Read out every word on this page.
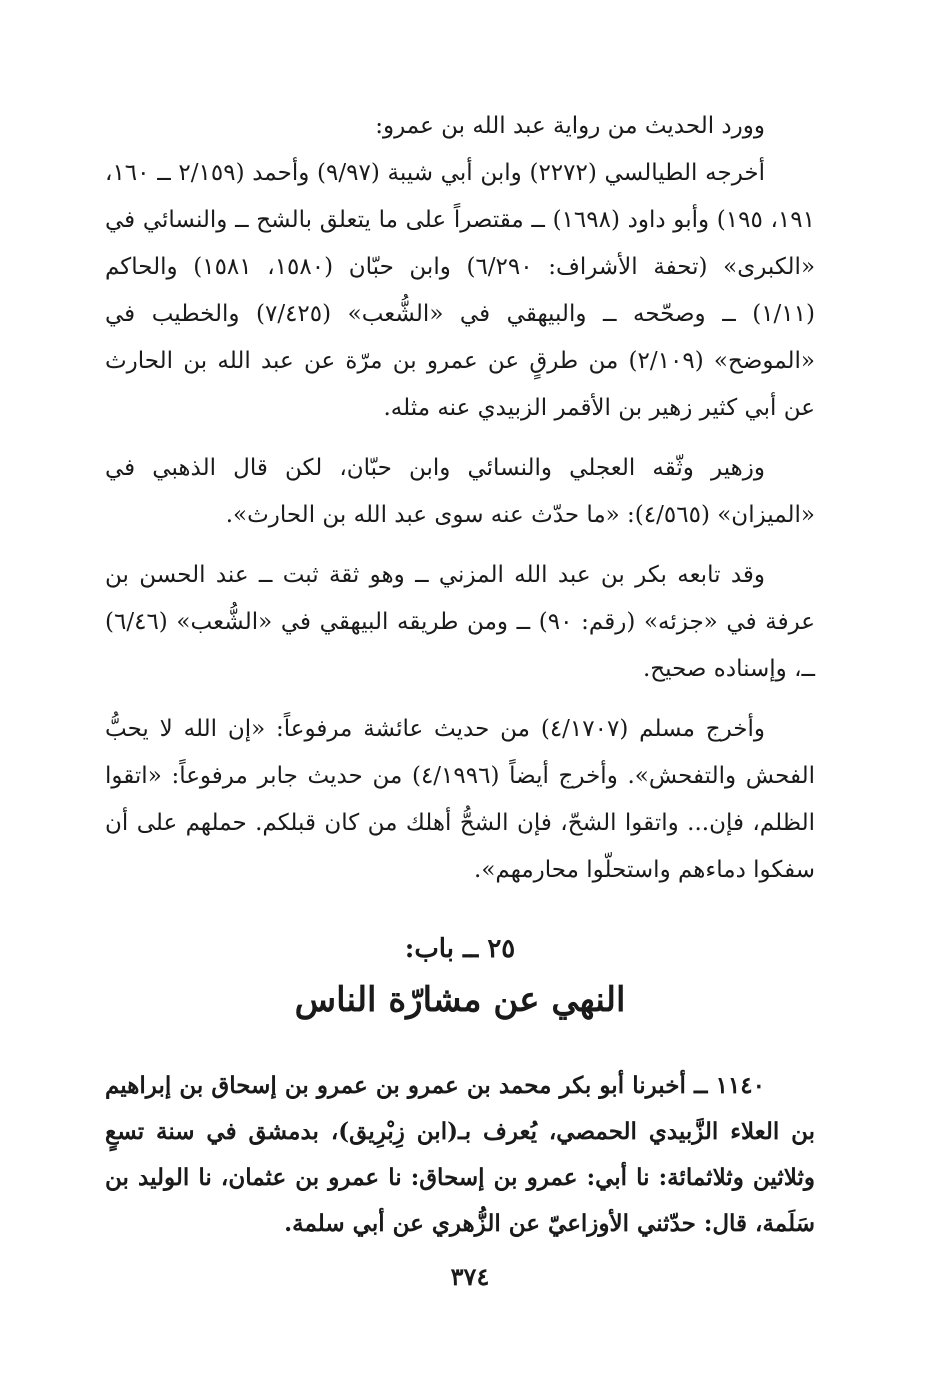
وورد الحديث من رواية عبد الله بن عمرو:

أخرجه الطيالسي (٢٢٧٢) وابن أبي شيبة (٩/٩٧) وأحمد (٢/١٥٩ ــ ١٦٠، ١٩١، ١٩٥) وأبو داود (١٦٩٨) ــ مقتصراً على ما يتعلق بالشح ــ والنسائي في «الكبرى» (تحفة الأشراف: ٦/٢٩٠) وابن حبّان (١٥٨٠، ١٥٨١) والحاكم (١/١١) ــ وصحّحه ــ والبيهقي في «الشُّعب» (٧/٤٢٥) والخطيب في «الموضح» (٢/١٠٩) من طرقٍ عن عمرو بن مرّة عن عبد الله بن الحارث عن أبي كثير زهير بن الأقمر الزبيدي عنه مثله.

وزهير وثّقه العجلي والنسائي وابن حبّان، لكن قال الذهبي في «الميزان» (٤/٥٦٥): «ما حدّث عنه سوى عبد الله بن الحارث».

وقد تابعه بكر بن عبد الله المزني ــ وهو ثقة ثبت ــ عند الحسن بن عرفة في «جزئه» (رقم: ٩٠) ــ ومن طريقه البيهقي في «الشُّعب» (٦/٤٦) ــ، وإسناده صحيح.

وأخرج مسلم (٤/١٧٠٧) من حديث عائشة مرفوعاً: «إن الله لا يحبُّ الفحش والتفحش». وأخرج أيضاً (٤/١٩٩٦) من حديث جابر مرفوعاً: «اتقوا الظلم، فإن... واتقوا الشحّ، فإن الشحُّ أهلك من كان قبلكم. حملهم على أن سفكوا دماءهم واستحلّوا محارمهم».

٢٥ ــ باب:
النهي عن مشارّة الناس

١١٤٠ ــ أخبرنا أبو بكر محمد بن عمرو بن عمرو بن إسحاق بن إبراهيم بن العلاء الزَّبيدي الحمصي، يُعرف بـ(ابن زِبْرِيق)، بدمشق في سنة تسعٍ وثلاثين وثلاثمائة: نا أبي: عمرو بن إسحاق: نا عمرو بن عثمان، نا الوليد بن سَلَمة، قال: حدّثني الأوزاعيّ عن الزُّهري عن أبي سلمة.

٣٧٤
